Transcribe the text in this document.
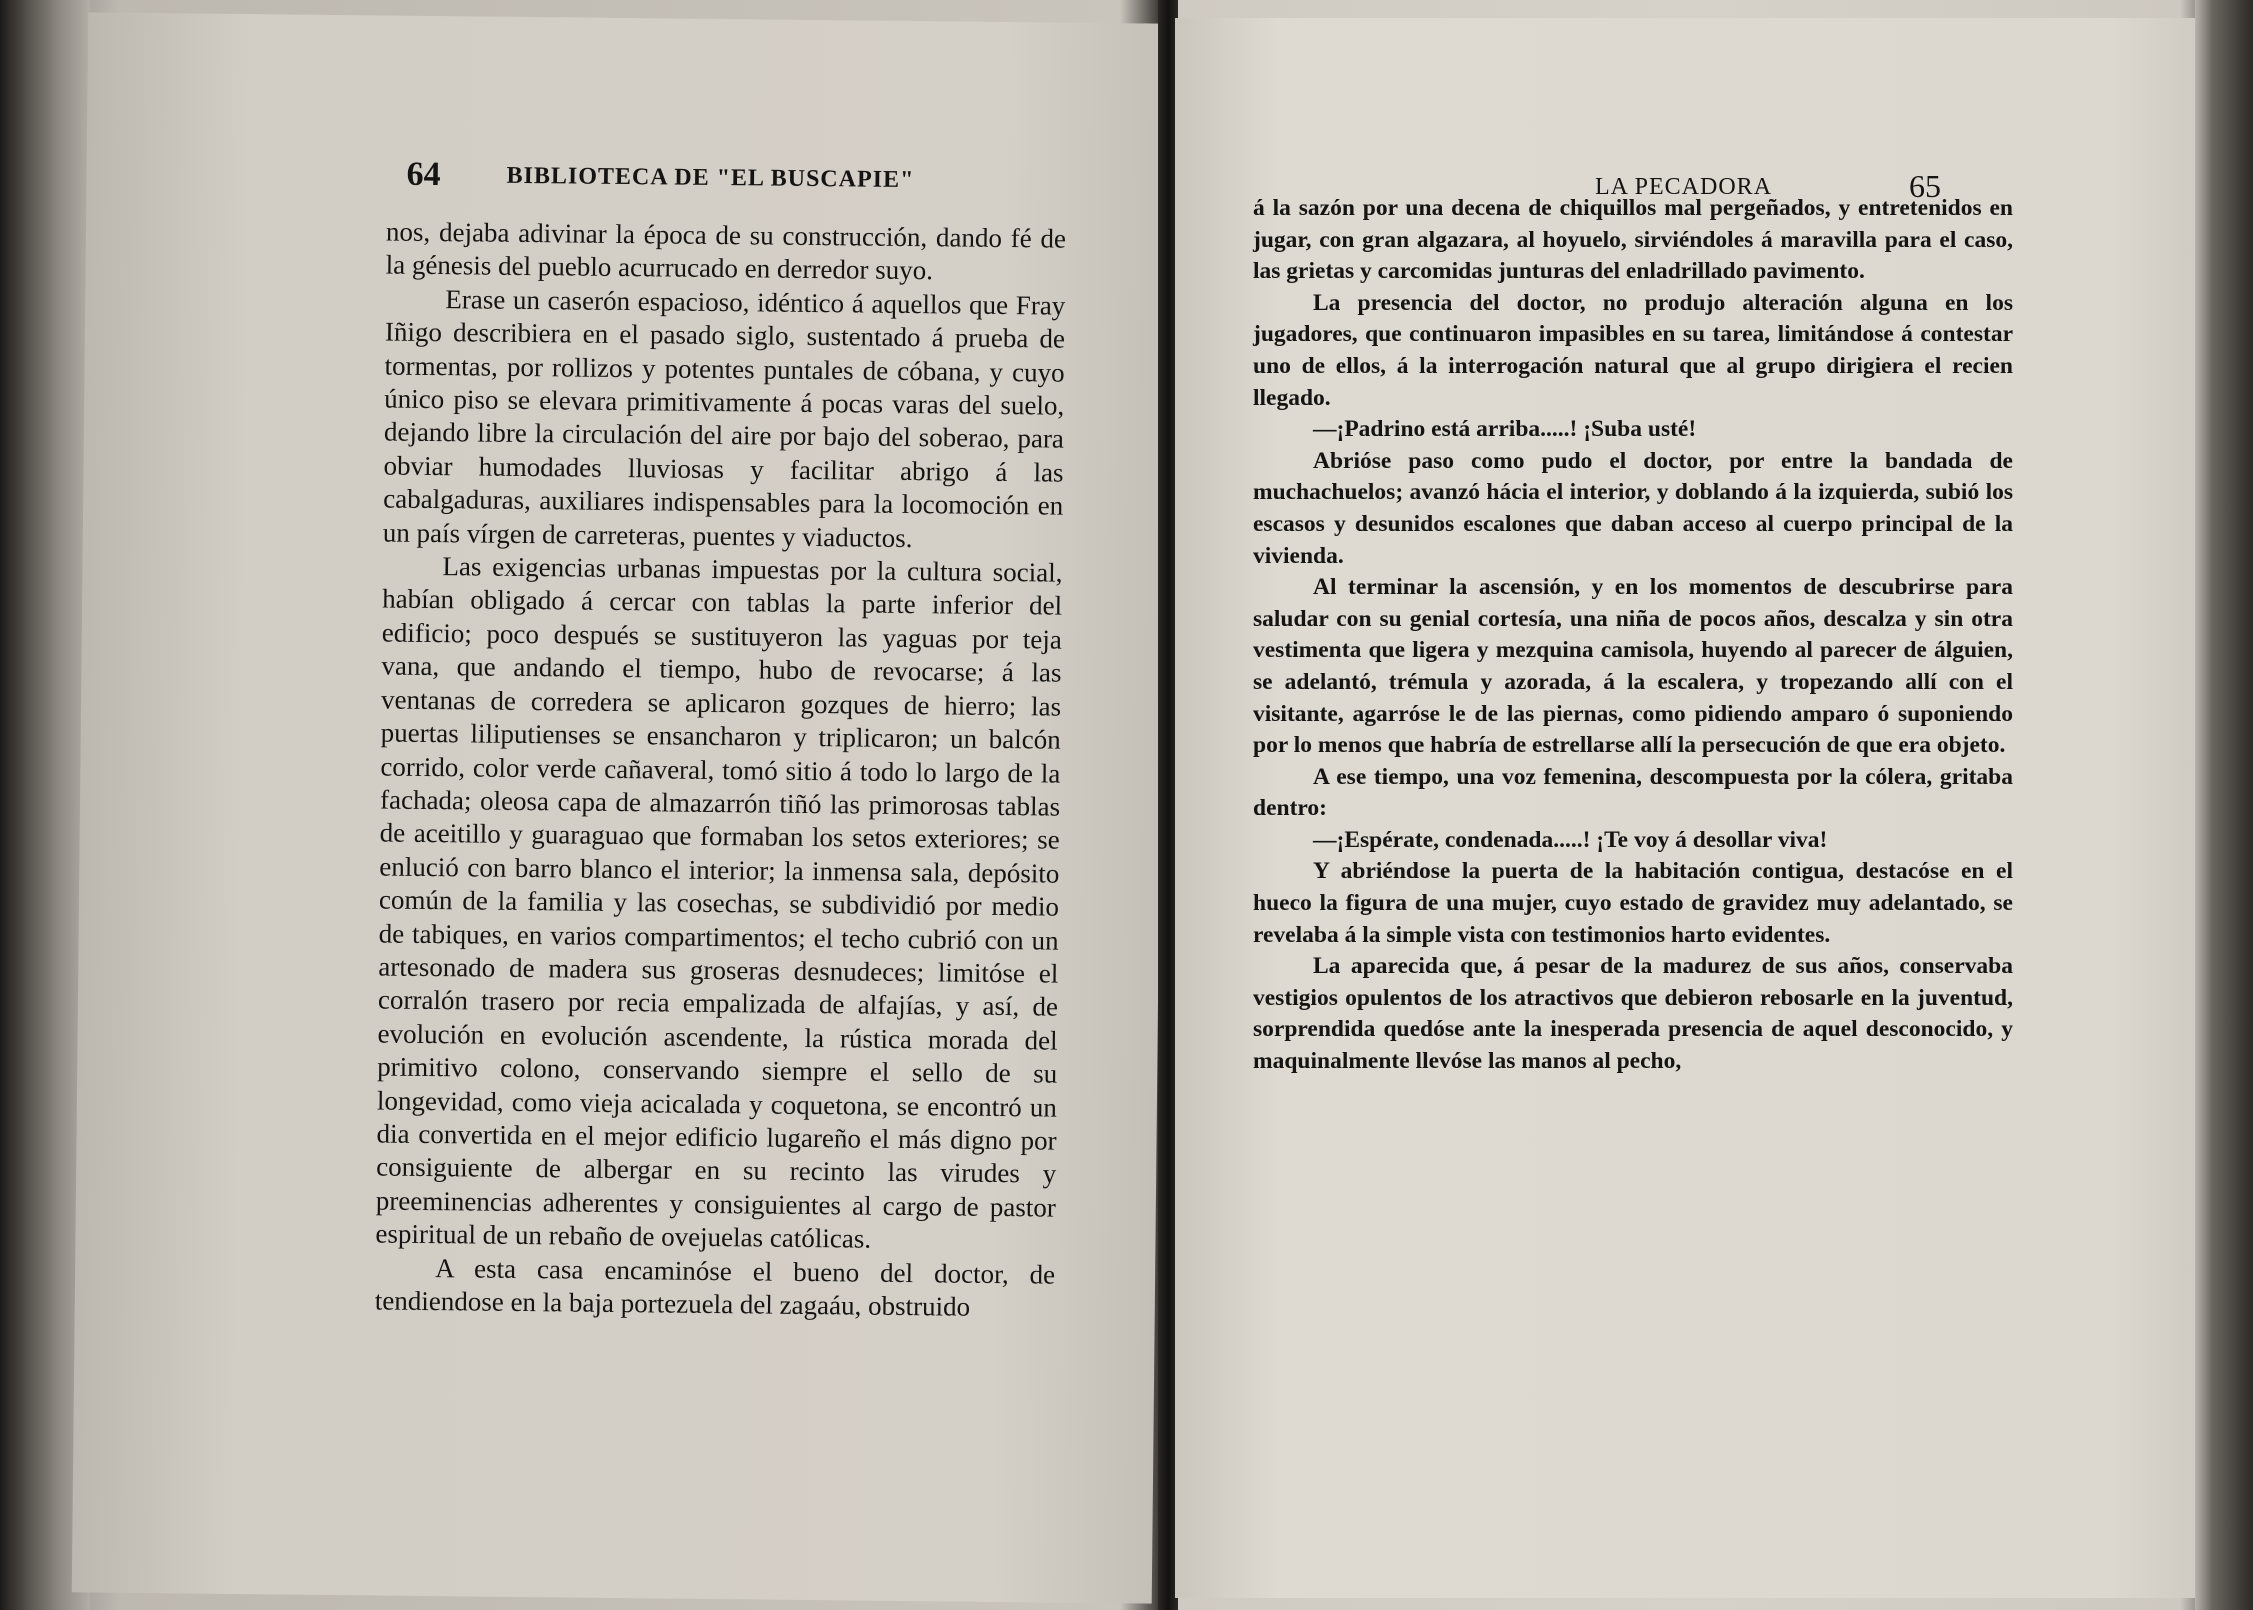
64	BIBLIOTECA DE "EL BUSCAPIE"

nos, dejaba adivinar la época de su construcción, dando fé de la génesis del pueblo acurrucado en derredor suyo.

Erase un caserón espacioso, idéntico á aquellos que Fray Iñigo describiera en el pasado siglo, sustentado á prueba de tormentas, por rollizos y potentes puntales de cóbana, y cuyo único piso se elevara primitivamente á pocas varas del suelo, dejando libre la circulación del aire por bajo del soberao, para obviar humodades lluviosas y facilitar abrigo á las cabalgaduras, auxiliares indispensables para la locomoción en un país vírgen de carreteras, puentes y viaductos.

Las exigencias urbanas impuestas por la cultura social, habían obligado á cercar con tablas la parte inferior del edificio; poco después se sustituyeron las yaguas por teja vana, que andando el tiempo, hubo de revocarse; á las ventanas de corredera se aplicaron gozques de hierro; las puertas liliputienses se ensancharon y triplicaron; un balcón corrido, color verde cañaveral, tomó sitio á todo lo largo de la fachada; oleosa capa de almazarrón tiñó las primorosas tablas de aceitillo y guaraguao que formaban los setos exteriores; se enlució con barro blanco el interior; la inmensa sala, depósito común de la familia y las cosechas, se subdividió por medio de tabiques, en varios compartimentos; el techo cubrió con un artesonado de madera sus groseras desnudeces; limitóse el corralón trasero por recia empalizada de alfajías, y así, de evolución en evolución ascendente, la rústica morada del primitivo colono, conservando siempre el sello de su longevidad, como vieja acicalada y coquetona, se encontró un dia convertida en el mejor edificio lugareño el más digno por consiguiente de albergar en su recinto las virudes y preeminencias adherentes y consiguientes al cargo de pastor espiritual de un rebaño de ovejuelas católicas.

A esta casa encaminóse el bueno del doctor, de tendiendose en la baja portezuela del zagaáu, obstruido

LA PECADORA	65

á la sazón por una decena de chiquillos mal pergeñados, y entretenidos en jugar, con gran algazara, al hoyuelo, sirviéndoles á maravilla para el caso, las grietas y carcomidas junturas del enladrillado pavimento.

La presencia del doctor, no produjo alteración alguna en los jugadores, que continuaron impasibles en su tarea, limitándose á contestar uno de ellos, á la interrogación natural que al grupo dirigiera el recien llegado.

—¡Padrino está arriba.....! ¡Suba usté!

Abrióse paso como pudo el doctor, por entre la bandada de muchachuelos; avanzó hácia el interior, y doblando á la izquierda, subió los escasos y desunidos escalones que daban acceso al cuerpo principal de la vivienda.

Al terminar la ascensión, y en los momentos de descubrirse para saludar con su genial cortesía, una niña de pocos años, descalza y sin otra vestimenta que ligera y mezquina camisola, huyendo al parecer de álguien, se adelantó, trémula y azorada, á la escalera, y tropezando allí con el visitante, agarróse le de las piernas, como pidiendo amparo ó suponiendo por lo menos que habría de estrellarse allí la persecución de que era objeto.

A ese tiempo, una voz femenina, descompuesta por la cólera, gritaba dentro:

—¡Espérate, condenada.....! ¡Te voy á desollar viva!

Y abriéndose la puerta de la habitación contigua, destacóse en el hueco la figura de una mujer, cuyo estado de gravidez muy adelantado, se revelaba á la simple vista con testimonios harto evidentes.

La aparecida que, á pesar de la madurez de sus años, conservaba vestigios opulentos de los atractivos que debieron rebosarle en la juventud, sorprendida quedóse ante la inesperada presencia de aquel desconocido, y maquinalmente llevóse las manos al pecho,
